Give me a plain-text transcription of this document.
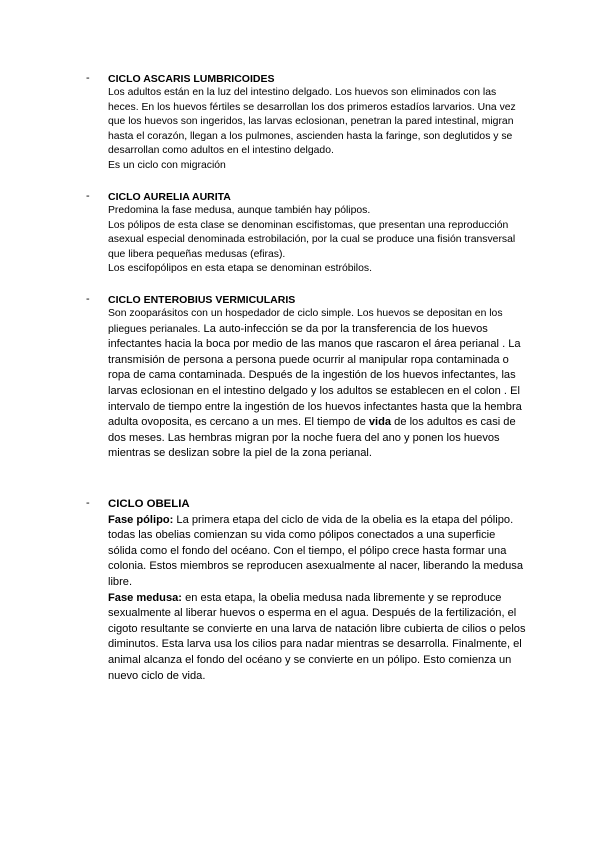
- CICLO ASCARIS LUMBRICOIDES

Los adultos están en la luz del intestino delgado. Los huevos son eliminados con las heces. En los huevos fértiles se desarrollan los dos primeros estadíos larvarios. Una vez que los huevos son ingeridos, las larvas eclosionan, penetran la pared intestinal, migran hasta el corazón, llegan a los pulmones, ascienden hasta la faringe, son deglutidos y se desarrollan como adultos en el intestino delgado.

Es un ciclo con migración

- CICLO AURELIA AURITA

Predomina la fase medusa, aunque también hay pólipos.

Los pólipos de esta clase se denominan escifistomas, que presentan una reproducción asexual especial denominada estrobilación, por la cual se produce una fisión transversal que libera pequeñas medusas (efiras).

Los escifopólipos en esta etapa se denominan estróbilos.

- CICLO ENTEROBIUS VERMICULARIS

Son zooparásitos con un hospedador de ciclo simple. Los huevos se depositan en los pliegues perianales. La auto-infección se da por la transferencia de los huevos infectantes hacia la boca por medio de las manos que rascaron el área perianal . La transmisión de persona a persona puede ocurrir al manipular ropa contaminada o ropa de cama contaminada. Después de la ingestión de los huevos infectantes, las larvas eclosionan en el intestino delgado y los adultos se establecen en el colon . El intervalo de tiempo entre la ingestión de los huevos infectantes hasta que la hembra adulta ovoposita, es cercano a un mes. El tiempo de vida de los adultos es casi de dos meses. Las hembras migran por la noche fuera del ano y ponen los huevos mientras se deslizan sobre la piel de la zona perianal.

- CICLO OBELIA

Fase pólipo: La primera etapa del ciclo de vida de la obelia es la etapa del pólipo. todas las obelias comienzan su vida como pólipos conectados a una superficie sólida como el fondo del océano. Con el tiempo, el pólipo crece hasta formar una colonia. Estos miembros se reproducen asexualmente al nacer, liberando la medusa libre.

Fase medusa: en esta etapa, la obelia medusa nada libremente y se reproduce sexualmente al liberar huevos o esperma en el agua. Después de la fertilización, el cigoto resultante se convierte en una larva de natación libre cubierta de cilios o pelos diminutos. Esta larva usa los cilios para nadar mientras se desarrolla. Finalmente, el animal alcanza el fondo del océano y se convierte en un pólipo. Esto comienza un nuevo ciclo de vida.
